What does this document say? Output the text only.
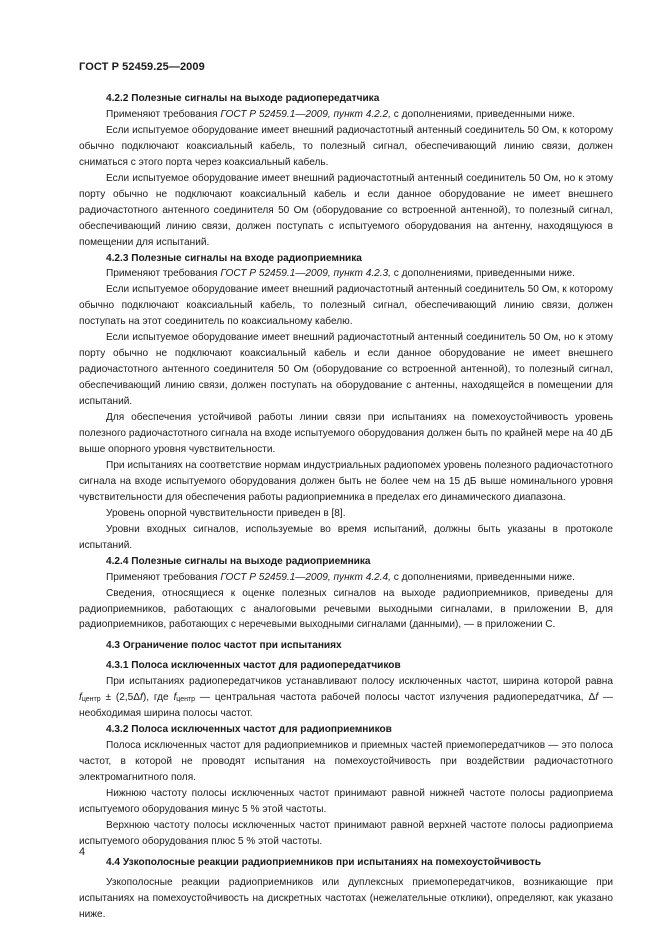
ГОСТ Р 52459.25—2009

4.2.2 Полезные сигналы на выходе радиопередатчика

Применяют требования ГОСТ Р 52459.1—2009, пункт 4.2.2, с дополнениями, приведенными ниже.

Если испытуемое оборудование имеет внешний радиочастотный антенный соединитель 50 Ом, к которому обычно подключают коаксиальный кабель, то полезный сигнал, обеспечивающий линию связи, должен сниматься с этого порта через коаксиальный кабель.

Если испытуемое оборудование имеет внешний радиочастотный антенный соединитель 50 Ом, но к этому порту обычно не подключают коаксиальный кабель и если данное оборудование не имеет внешнего радиочастотного антенного соединителя 50 Ом (оборудование со встроенной антенной), то полезный сигнал, обеспечивающий линию связи, должен поступать с испытуемого оборудования на антенну, находящуюся в помещении для испытаний.

4.2.3 Полезные сигналы на входе радиоприемника

Применяют требования ГОСТ Р 52459.1—2009, пункт 4.2.3, с дополнениями, приведенными ниже.

Если испытуемое оборудование имеет внешний радиочастотный антенный соединитель 50 Ом, к которому обычно подключают коаксиальный кабель, то полезный сигнал, обеспечивающий линию связи, должен поступать на этот соединитель по коаксиальному кабелю.

Если испытуемое оборудование имеет внешний радиочастотный антенный соединитель 50 Ом, но к этому порту обычно не подключают коаксиальный кабель и если данное оборудование не имеет внешнего радиочастотного антенного соединителя 50 Ом (оборудование со встроенной антенной), то полезный сигнал, обеспечивающий линию связи, должен поступать на оборудование с антенны, находящейся в помещении для испытаний.

Для обеспечения устойчивой работы линии связи при испытаниях на помехоустойчивость уровень полезного радиочастотного сигнала на входе испытуемого оборудования должен быть по крайней мере на 40 дБ выше опорного уровня чувствительности.

При испытаниях на соответствие нормам индустриальных радиопомех уровень полезного радиочастотного сигнала на входе испытуемого оборудования должен быть не более чем на 15 дБ выше номинального уровня чувствительности для обеспечения работы радиоприемника в пределах его динамического диапазона.

Уровень опорной чувствительности приведен в [8].

Уровни входных сигналов, используемые во время испытаний, должны быть указаны в протоколе испытаний.

4.2.4 Полезные сигналы на выходе радиоприемника

Применяют требования ГОСТ Р 52459.1—2009, пункт 4.2.4, с дополнениями, приведенными ниже.

Сведения, относящиеся к оценке полезных сигналов на выходе радиоприемников, приведены для радиоприемников, работающих с аналоговыми речевыми выходными сигналами, в приложении В, для радиоприемников, работающих с неречевыми выходными сигналами (данными), — в приложении С.

4.3 Ограничение полос частот при испытаниях

4.3.1 Полоса исключенных частот для радиопередатчиков

При испытаниях радиопередатчиков устанавливают полосу исключенных частот, ширина которой равна $f_{центр} \pm (2,5\Delta f)$, где $f_{центр}$ — центральная частота рабочей полосы частот излучения радиопередатчика, Δf — необходимая ширина полосы частот.

4.3.2 Полоса исключенных частот для радиоприемников

Полоса исключенных частот для радиоприемников и приемных частей приемопередатчиков — это полоса частот, в которой не проводят испытания на помехоустойчивость при воздействии радиочастотного электромагнитного поля.

Нижнюю частоту полосы исключенных частот принимают равной нижней частоте полосы радиоприема испытуемого оборудования минус 5 % этой частоты.

Верхнюю частоту полосы исключенных частот принимают равной верхней частоте полосы радиоприема испытуемого оборудования плюс 5 % этой частоты.

4.4 Узкополосные реакции радиоприемников при испытаниях на помехоустойчивость

Узкополосные реакции радиоприемников или дуплексных приемопередатчиков, возникающие при испытаниях на помехоустойчивость на дискретных частотах (нежелательные отклики), определяют, как указано ниже.

4
